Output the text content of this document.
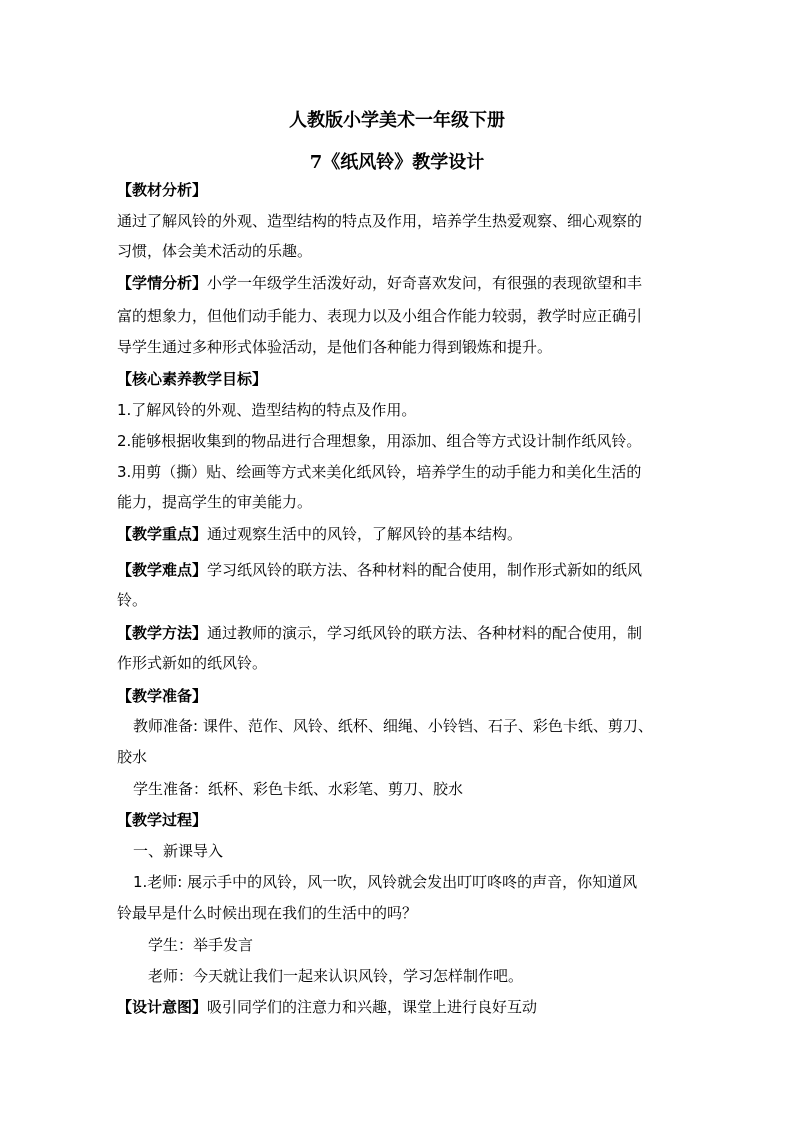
人教版小学美术一年级下册
7《纸风铃》教学设计
【教材分析】
通过了解风铃的外观、造型结构的特点及作用，培养学生热爱观察、细心观察的
习惯，体会美术活动的乐趣。
【学情分析】小学一年级学生活泼好动，好奇喜欢发问，有很强的表现欲望和丰
富的想象力，但他们动手能力、表现力以及小组合作能力较弱，教学时应正确引
导学生通过多种形式体验活动，是他们各种能力得到锻炼和提升。
【核心素养教学目标】
1.了解风铃的外观、造型结构的特点及作用。
2.能够根据收集到的物品进行合理想象，用添加、组合等方式设计制作纸风铃。
3.用剪（撕）贴、绘画等方式来美化纸风铃，培养学生的动手能力和美化生活的
能力，提高学生的审美能力。
【教学重点】通过观察生活中的风铃，了解风铃的基本结构。
【教学难点】学习纸风铃的联方法、各种材料的配合使用，制作形式新如的纸风
铃。
【教学方法】通过教师的演示，学习纸风铃的联方法、各种材料的配合使用，制
作形式新如的纸风铃。
【教学准备】
教师准备: 课件、范作、风铃、纸杯、细绳、小铃铛、石子、彩色卡纸、剪刀、
胶水
学生准备：纸杯、彩色卡纸、水彩笔、剪刀、胶水
【教学过程】
一、新课导入
1.老师: 展示手中的风铃，风一吹，风铃就会发出叮叮咚咚的声音，你知道风
铃最早是什么时候出现在我们的生活中的吗？
学生：举手发言
老师：今天就让我们一起来认识风铃，学习怎样制作吧。
【设计意图】吸引同学们的注意力和兴趣，课堂上进行良好互动
